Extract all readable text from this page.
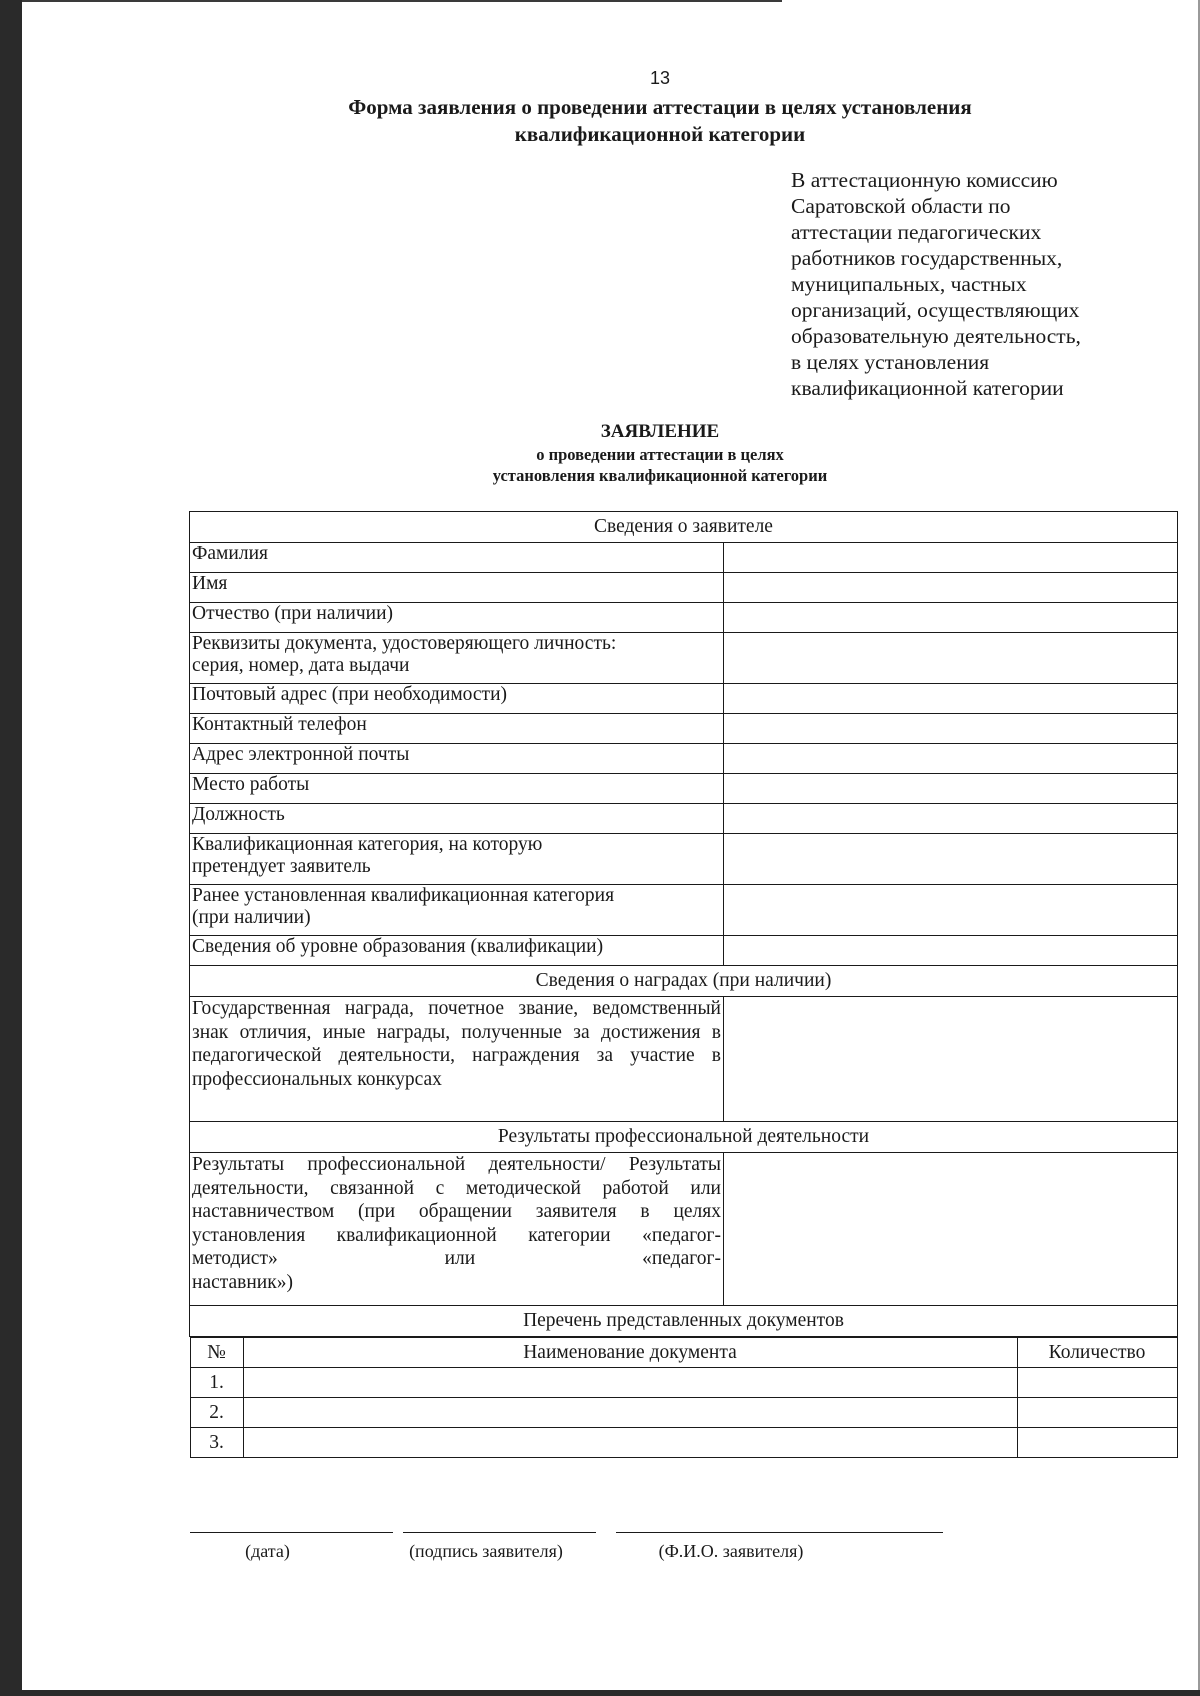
13
Форма заявления о проведении аттестации в целях установления
квалификационной категории
В аттестационную комиссию
Саратовской области по
аттестации педагогических
работников государственных,
муниципальных, частных
организаций, осуществляющих
образовательную деятельность,
в целях установления
квалификационной категории
ЗАЯВЛЕНИЕ
о проведении аттестации в целях
установления квалификационной категории
Сведения о заявителе
Фамилия	
Имя	
Отчество (при наличии)	

Реквизиты документа, удостоверяющего личность:
серия, номер, дата выдачи

Почтовый адрес (при необходимости)	
Контактный телефон	
Адрес электронной почты	
Место работы	
Должность	

Квалификационная категория, на которую
претендует заявитель

Ранее установленная квалификационная категория
(при наличии)

Сведения об уровне образования (квалификации)	
Сведения о наградах (при наличии)
Государственная награда, почетное звание, ведомственный знак отличия, иные награды, полученные за достижения в педагогической деятельности, награждения за участие в
профессиональных конкурсах

Результаты профессиональной деятельности
Результаты профессиональной деятельности/ Результаты деятельности, связанной с методической работой или наставничеством (при обращении заявителя в целях установления квалификационной категории «педагог-методист» или «педагог-
наставник»)

Перечень представленных документов

№	Наименование документа	Количество
1.		
2.		
3.		
(дата)	(подпись заявителя)	(Ф.И.О. заявителя)
